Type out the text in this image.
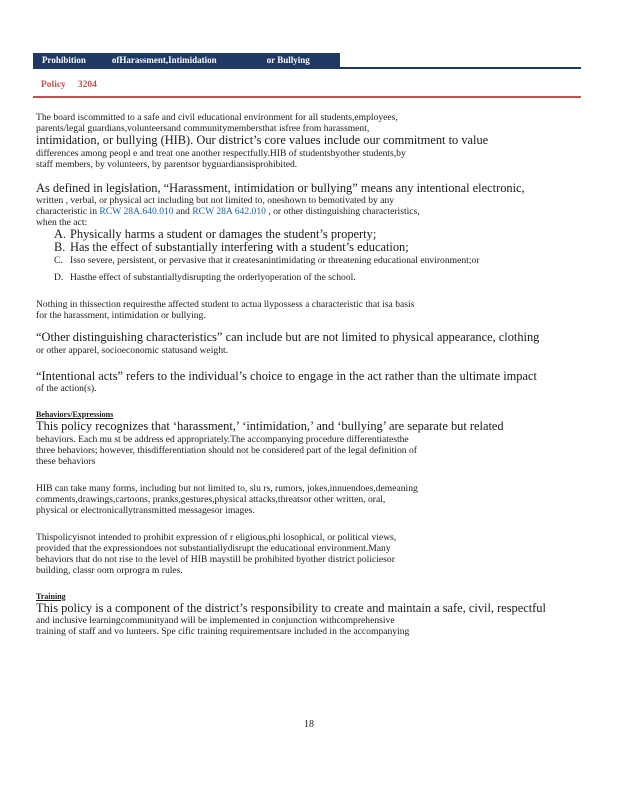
Prohibition	ofHarassment,Intimidation	or Bullying
Policy 3204

The board iscommitted to a safe and civil educational environment for all students,employees,
parents/legal guardians,volunteersand communitymembersthat isfree from harassment,
intimidation, or bullying (HIB). Our district’s core values include our commitment to value
differences among peopl e and treat one another respectfully.HIB of studentsbyother students,by
staff members, by volunteers, by parentsor byguardiansisprohibited.

As defined in legislation, “Harassment, intimidation or bullying” means any intentional electronic,
written , verbal, or physical act including but not limited to, oneshown to bemotivated by any
characteristic in RCW 28A.640.010 and RCW 28A 642.010 , or other distinguishing characteristics,
when the act:

A. Physically harms a student or damages the student’s property;
B. Has the effect of substantially interfering with a student’s education;
C. Isso severe, persistent, or pervasive that it createsanintimidating or threatening educational environment;or
D. Hasthe effect of substantiallydisrupting the orderlyoperation of the school.

Nothing in thissection requiresthe affected student to actua llypossess a characteristic that isa basis
for the harassment, intimidation or bullying.

“Other distinguishing characteristics” can include but are not limited to physical appearance, clothing
or other apparel, socioeconomic statusand weight.

“Intentional acts” refers to the individual’s choice to engage in the act rather than the ultimate impact
of the action(s).

Behaviors/Expressions

This policy recognizes that ‘harassment,’ ‘intimidation,’ and ‘bullying’ are separate but related
behaviors. Each mu st be address ed appropriately.The accompanying procedure differentiatesthe
three behaviors; however, thisdifferentiation should not be considered part of the legal definition of
these behaviors

HIB can take many forms, including but not limited to, slu rs, rumors, jokes,innuendoes,demeaning
comments,drawings,cartoons, pranks,gestures,physical attacks,threatsor other written, oral,
physical or electronicallytransmitted messagesor images.

Thispolicyisnot intended to prohibit expression of r eligious,phi losophical, or political views,
provided that the expressiondoes not substantiallydisrupt the educational environment.Many
behaviors that do not rise to the level of HIB maystill be prohibited byother district policiesor
building, classr oom orprogra m rules.

Training

This policy is a component of the district’s responsibility to create and maintain a safe, civil, respectful
and inclusive learningcommunityand will be implemented in conjunction withcomprehensive
training of staff and vo lunteers. Spe cific training requirementsare included in the accompanying

18
